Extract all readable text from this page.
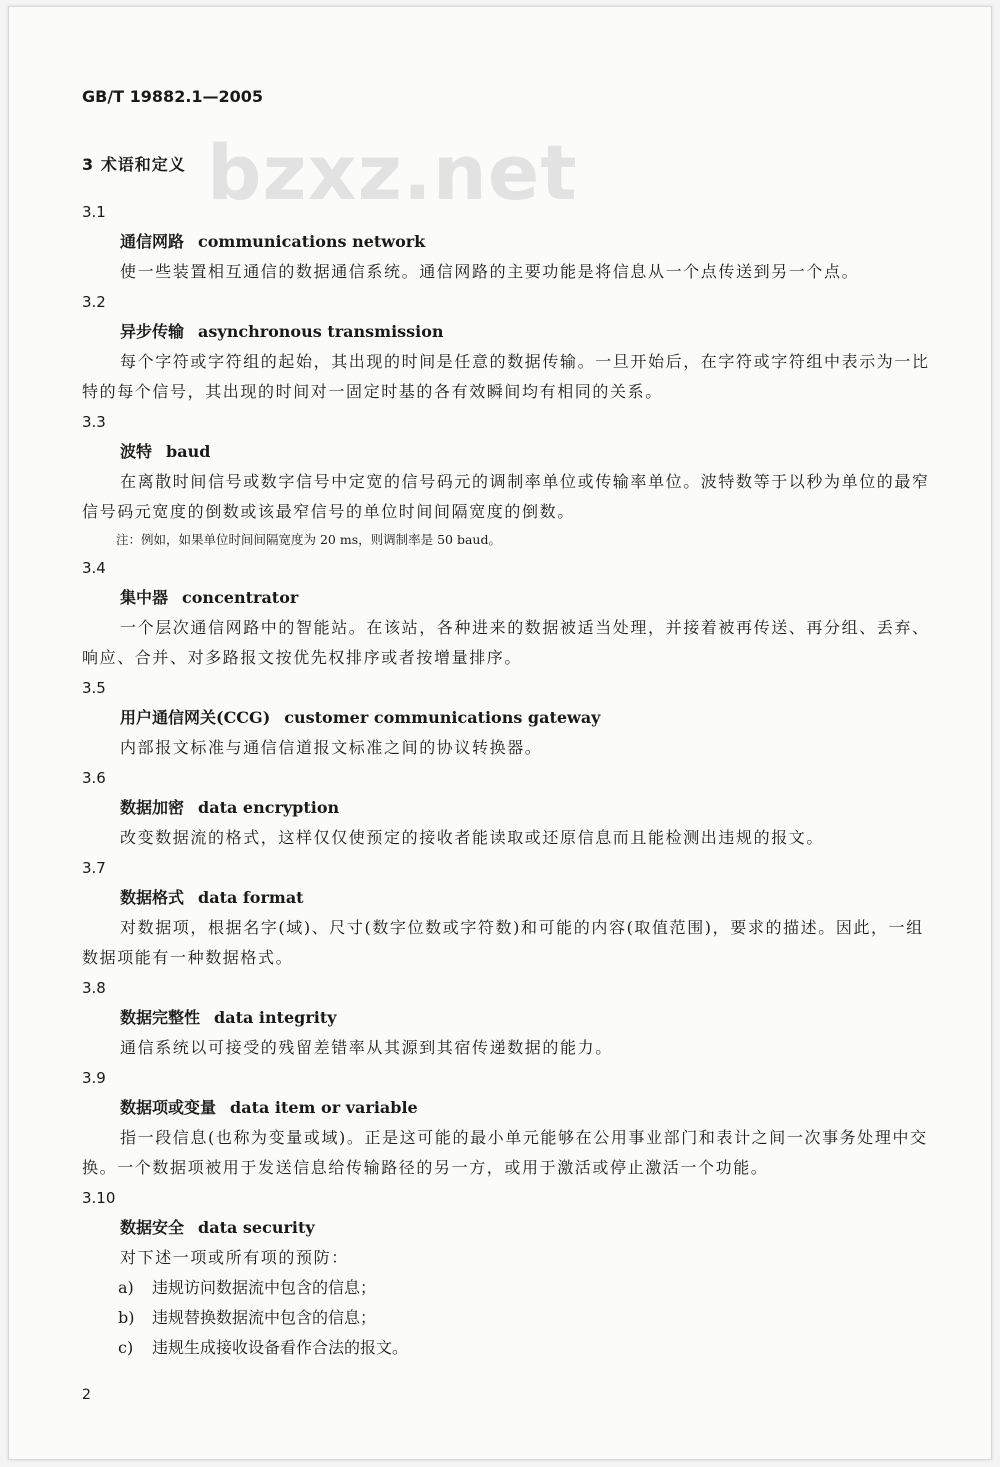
bzxz.net
GB/T 19882.1—2005
3 术语和定义
3.1
通信网路 communications network
使一些装置相互通信的数据通信系统。通信网路的主要功能是将信息从一个点传送到另一个点。
3.2
异步传输 asynchronous transmission
每个字符或字符组的起始，其出现的时间是任意的数据传输。一旦开始后，在字符或字符组中表示为一比特的每个信号，其出现的时间对一固定时基的各有效瞬间均有相同的关系。
3.3
波特 baud
在离散时间信号或数字信号中定宽的信号码元的调制率单位或传输率单位。波特数等于以秒为单位的最窄信号码元宽度的倒数或该最窄信号的单位时间间隔宽度的倒数。
注：例如，如果单位时间间隔宽度为 20 ms，则调制率是 50 baud。
3.4
集中器 concentrator
一个层次通信网路中的智能站。在该站，各种进来的数据被适当处理，并接着被再传送、再分组、丢弃、响应、合并、对多路报文按优先权排序或者按增量排序。
3.5
用户通信网关(CCG) customer communications gateway
内部报文标准与通信信道报文标准之间的协议转换器。
3.6
数据加密 data encryption
改变数据流的格式，这样仅仅使预定的接收者能读取或还原信息而且能检测出违规的报文。
3.7
数据格式 data format
对数据项，根据名字(域)、尺寸(数字位数或字符数)和可能的内容(取值范围)，要求的描述。因此，一组数据项能有一种数据格式。
3.8
数据完整性 data integrity
通信系统以可接受的残留差错率从其源到其宿传递数据的能力。
3.9
数据项或变量 data item or variable
指一段信息(也称为变量或域)。正是这可能的最小单元能够在公用事业部门和表计之间一次事务处理中交换。一个数据项被用于发送信息给传输路径的另一方，或用于激活或停止激活一个功能。
3.10
数据安全 data security
对下述一项或所有项的预防：
a) 违规访问数据流中包含的信息；
b) 违规替换数据流中包含的信息；
c) 违规生成接收设备看作合法的报文。
2
